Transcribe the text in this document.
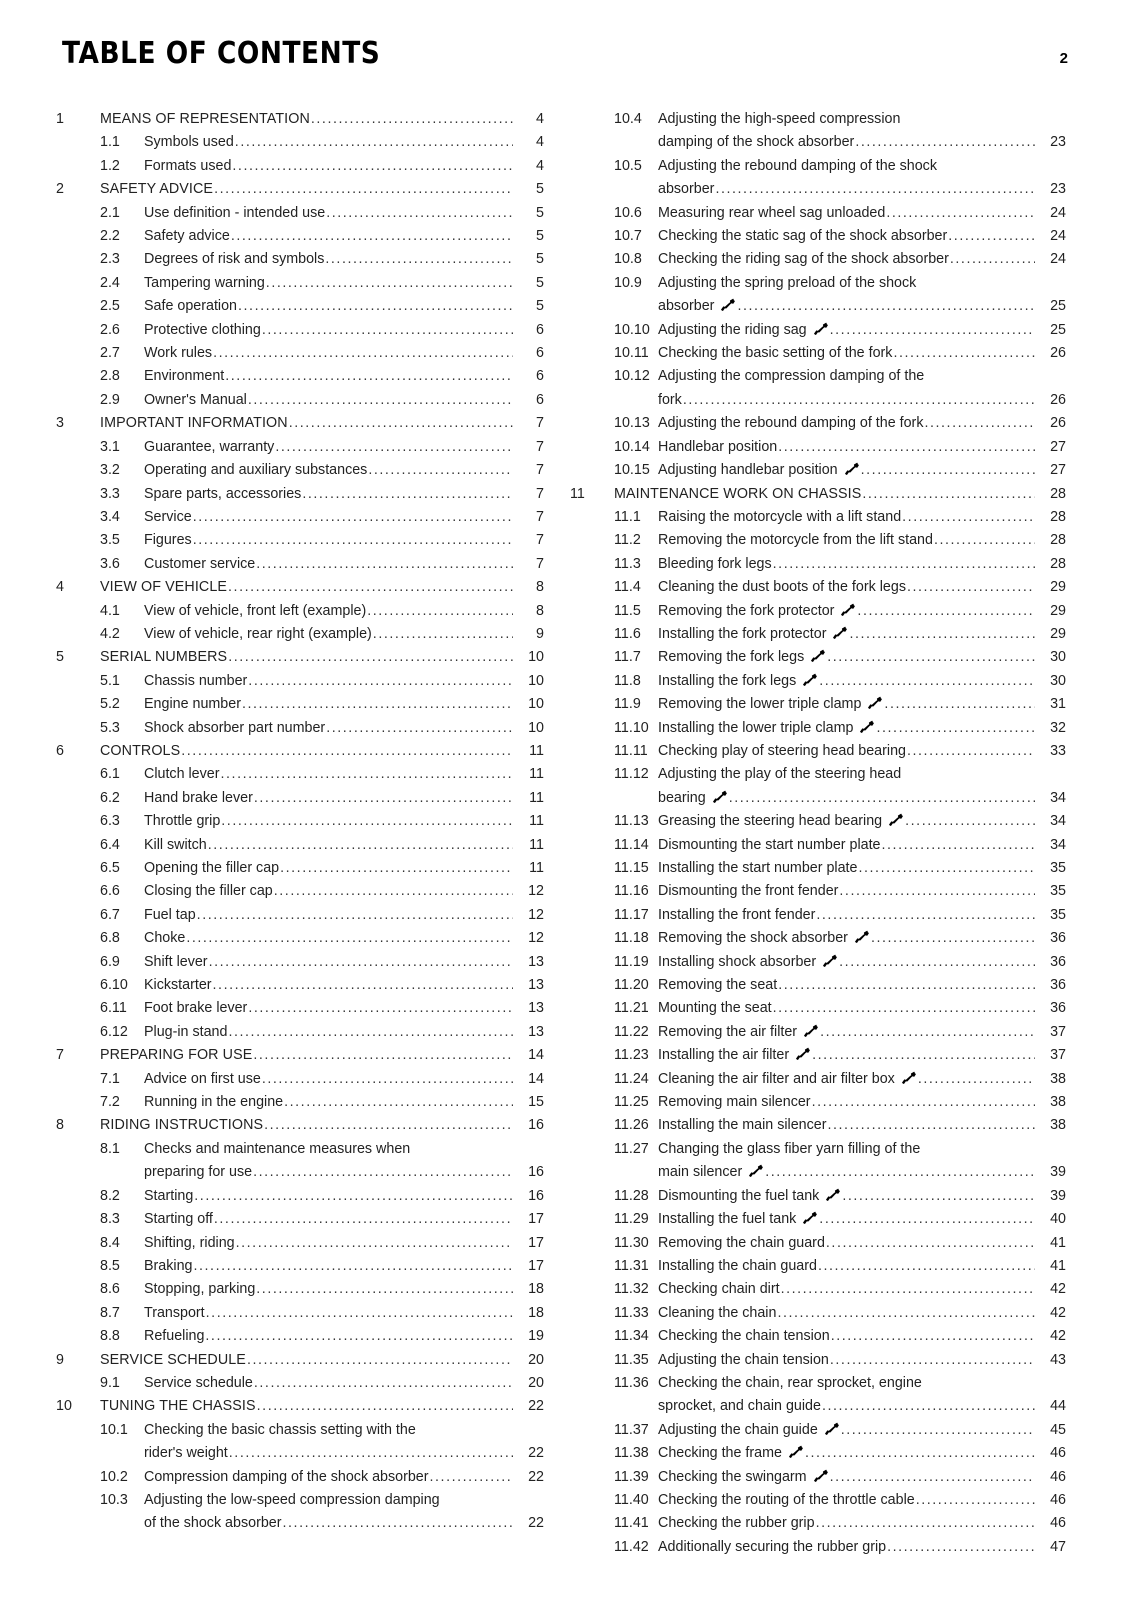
TABLE OF CONTENTS	2
1	MEANS OF REPRESENTATION .....	4
1.1	Symbols used .....	4
1.2	Formats used .....	4
2	SAFETY ADVICE .....	5
2.1	Use definition - intended use .....	5
2.2	Safety advice .....	5
2.3	Degrees of risk and symbols .....	5
2.4	Tampering warning .....	5
2.5	Safe operation .....	5
2.6	Protective clothing .....	6
2.7	Work rules .....	6
2.8	Environment .....	6
2.9	Owner's Manual .....	6
3	IMPORTANT INFORMATION .....	7
3.1	Guarantee, warranty .....	7
3.2	Operating and auxiliary substances .....	7
3.3	Spare parts, accessories .....	7
3.4	Service .....	7
3.5	Figures .....	7
3.6	Customer service .....	7
4	VIEW OF VEHICLE .....	8
4.1	View of vehicle, front left (example) .....	8
4.2	View of vehicle, rear right (example) .....	9
5	SERIAL NUMBERS .....	10
5.1	Chassis number .....	10
5.2	Engine number .....	10
5.3	Shock absorber part number .....	10
6	CONTROLS .....	11
6.1	Clutch lever .....	11
6.2	Hand brake lever .....	11
6.3	Throttle grip .....	11
6.4	Kill switch .....	11
6.5	Opening the filler cap .....	11
6.6	Closing the filler cap .....	12
6.7	Fuel tap .....	12
6.8	Choke .....	12
6.9	Shift lever .....	13
6.10	Kickstarter .....	13
6.11	Foot brake lever .....	13
6.12	Plug-in stand .....	13
7	PREPARING FOR USE .....	14
7.1	Advice on first use .....	14
7.2	Running in the engine .....	15
8	RIDING INSTRUCTIONS .....	16
8.1	Checks and maintenance measures when
preparing for use .....	16
8.2	Starting .....	16
8.3	Starting off .....	17
8.4	Shifting, riding .....	17
8.5	Braking .....	17
8.6	Stopping, parking .....	18
8.7	Transport .....	18
8.8	Refueling .....	19
9	SERVICE SCHEDULE .....	20
9.1	Service schedule .....	20
10	TUNING THE CHASSIS .....	22
10.1	Checking the basic chassis setting with the
rider's weight .....	22
10.2	Compression damping of the shock absorber .....	22
10.3	Adjusting the low-speed compression damping
of the shock absorber .....	22
10.4	Adjusting the high-speed compression
damping of the shock absorber .....	23
10.5	Adjusting the rebound damping of the shock
absorber .....	23
10.6	Measuring rear wheel sag unloaded .....	24
10.7	Checking the static sag of the shock absorber .....	24
10.8	Checking the riding sag of the shock absorber .....	24
10.9	Adjusting the spring preload of the shock
absorber .....	25
10.10 Adjusting the riding sag .....	25
10.11 Checking the basic setting of the fork .....	26
10.12 Adjusting the compression damping of the
fork .....	26
10.13 Adjusting the rebound damping of the fork .....	26
10.14 Handlebar position .....	27
10.15 Adjusting handlebar position .....	27
11	MAINTENANCE WORK ON CHASSIS .....	28
11.1	Raising the motorcycle with a lift stand .....	28
11.2	Removing the motorcycle from the lift stand .....	28
11.3	Bleeding fork legs .....	28
11.4	Cleaning the dust boots of the fork legs .....	29
11.5	Removing the fork protector .....	29
11.6	Installing the fork protector .....	29
11.7	Removing the fork legs .....	30
11.8	Installing the fork legs .....	30
11.9	Removing the lower triple clamp .....	31
11.10 Installing the lower triple clamp .....	32
11.11 Checking play of steering head bearing .....	33
11.12 Adjusting the play of the steering head
bearing .....	34
11.13 Greasing the steering head bearing .....	34
11.14 Dismounting the start number plate .....	34
11.15 Installing the start number plate .....	35
11.16 Dismounting the front fender .....	35
11.17 Installing the front fender .....	35
11.18 Removing the shock absorber .....	36
11.19 Installing shock absorber .....	36
11.20 Removing the seat .....	36
11.21 Mounting the seat .....	36
11.22 Removing the air filter .....	37
11.23 Installing the air filter .....	37
11.24 Cleaning the air filter and air filter box .....	38
11.25 Removing main silencer .....	38
11.26 Installing the main silencer .....	38
11.27 Changing the glass fiber yarn filling of the
main silencer .....	39
11.28 Dismounting the fuel tank .....	39
11.29 Installing the fuel tank .....	40
11.30 Removing the chain guard .....	41
11.31 Installing the chain guard .....	41
11.32 Checking chain dirt .....	42
11.33 Cleaning the chain .....	42
11.34 Checking the chain tension .....	42
11.35 Adjusting the chain tension .....	43
11.36 Checking the chain, rear sprocket, engine
sprocket, and chain guide .....	44
11.37 Adjusting the chain guide .....	45
11.38 Checking the frame .....	46
11.39 Checking the swingarm .....	46
11.40 Checking the routing of the throttle cable .....	46
11.41 Checking the rubber grip .....	46
11.42 Additionally securing the rubber grip .....	47
